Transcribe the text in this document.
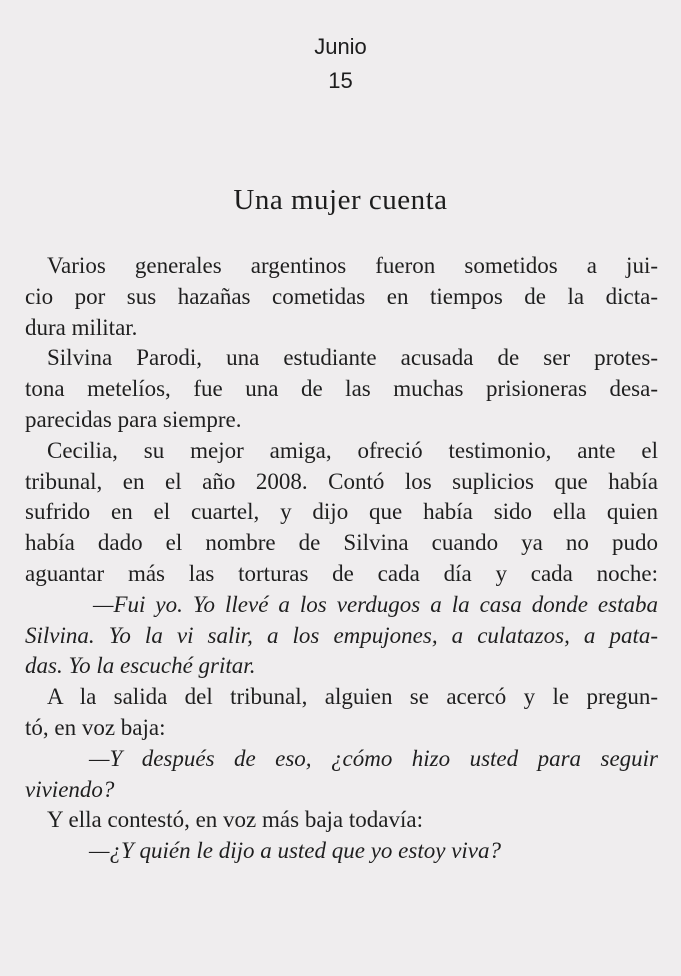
Junio
15
Una mujer cuenta
Varios generales argentinos fueron sometidos a jui-
cio por sus hazañas cometidas en tiempos de la dicta-
dura militar.
Silvina Parodi, una estudiante acusada de ser protes-
tona metelíos, fue una de las muchas prisioneras desa-
parecidas para siempre.
Cecilia, su mejor amiga, ofreció testimonio, ante el
tribunal, en el año 2008. Contó los suplicios que había
sufrido en el cuartel, y dijo que había sido ella quien
había dado el nombre de Silvina cuando ya no pudo
aguantar más las torturas de cada día y cada noche:
—Fui yo. Yo llevé a los verdugos a la casa donde estaba
Silvina. Yo la vi salir, a los empujones, a culatazos, a pata-
das. Yo la escuché gritar.
A la salida del tribunal, alguien se acercó y le pregun-
tó, en voz baja:
—Y después de eso, ¿cómo hizo usted para seguir
viviendo?
Y ella contestó, en voz más baja todavía:
—¿Y quién le dijo a usted que yo estoy viva?
